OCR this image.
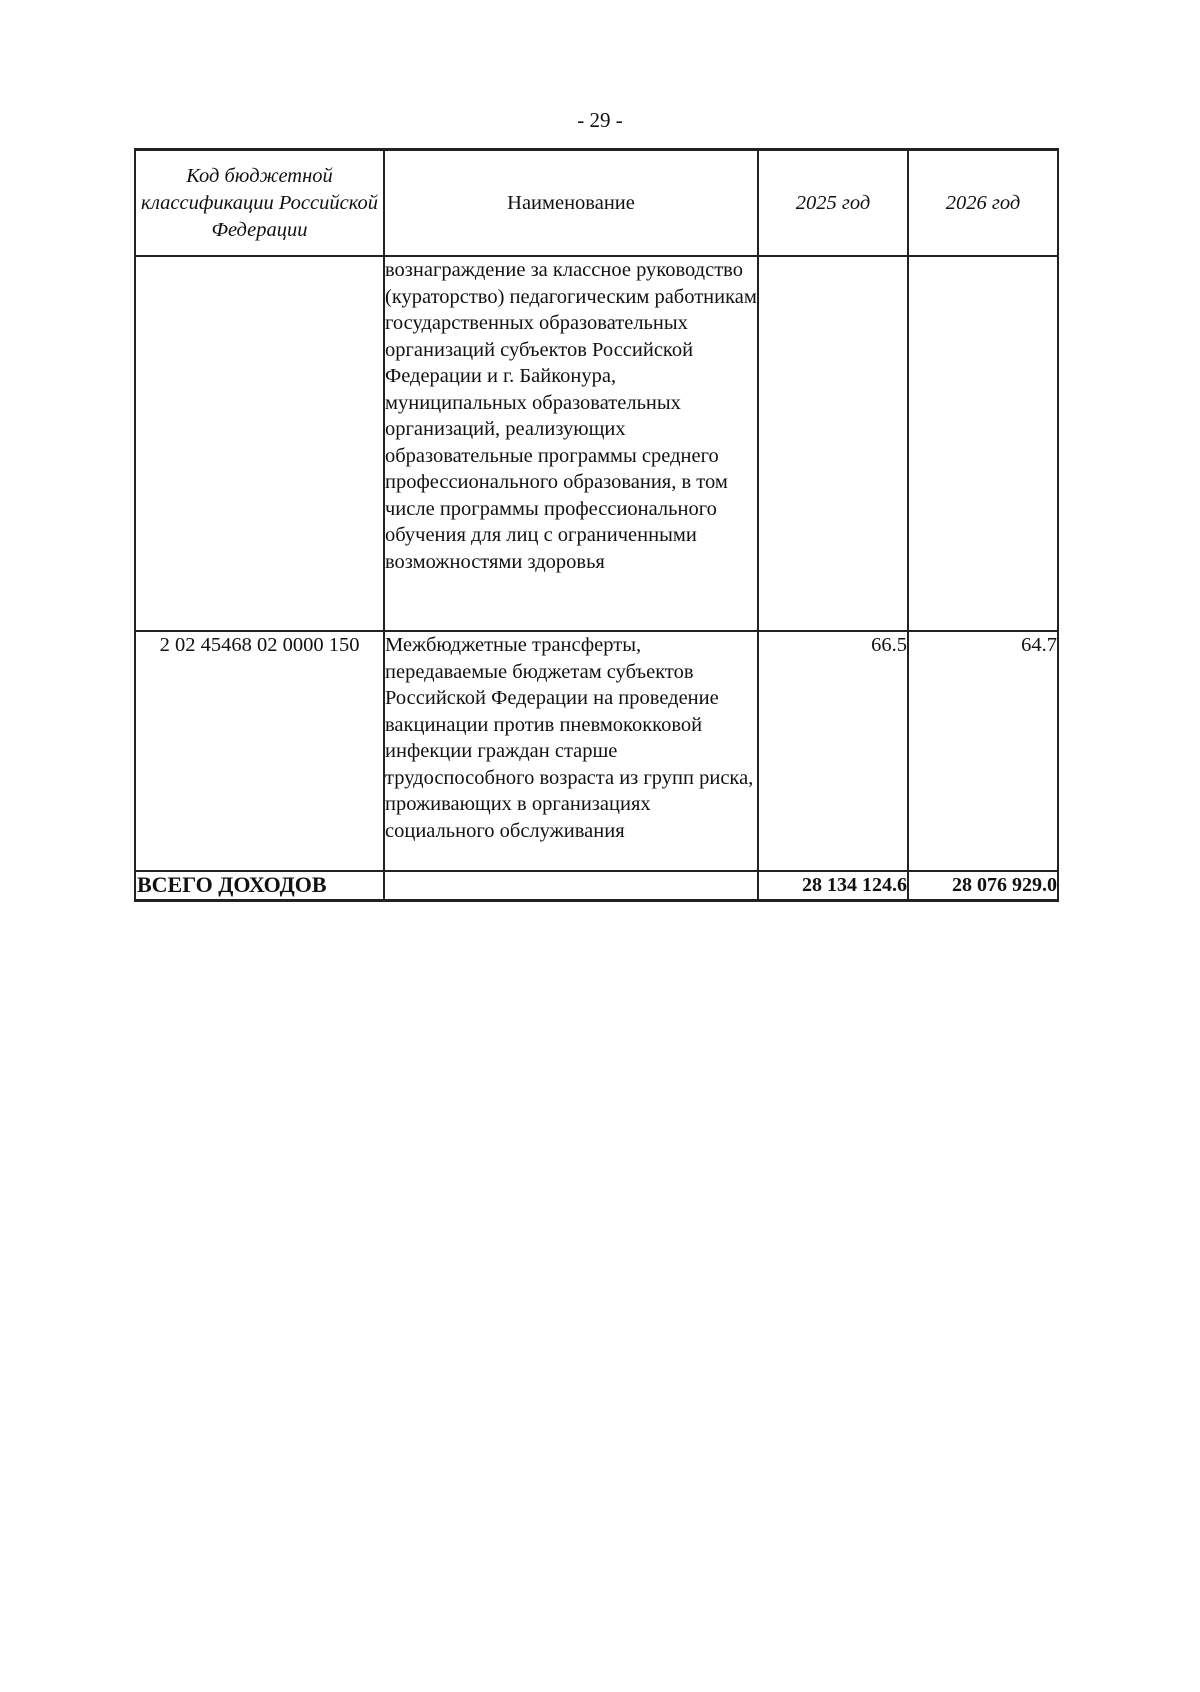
- 29 -
Код бюджетной классификации Российской Федерации	Наименование	2025 год	2026 год
	вознаграждение за классное руководство (кураторство) педагогическим работникам государственных образовательных организаций субъектов Российской Федерации и г. Байконура, муниципальных образовательных организаций, реализующих образовательные программы среднего профессионального образования, в том числе программы профессионального обучения для лиц с ограниченными возможностями здоровья		
2 02 45468 02 0000 150	Межбюджетные трансферты, передаваемые бюджетам субъектов Российской Федерации на проведение вакцинации против пневмококковой инфекции граждан старше трудоспособного возраста из групп риска, проживающих в организациях социального обслуживания	66.5	64.7
ВСЕГО ДОХОДОВ		28 134 124.6	28 076 929.0
